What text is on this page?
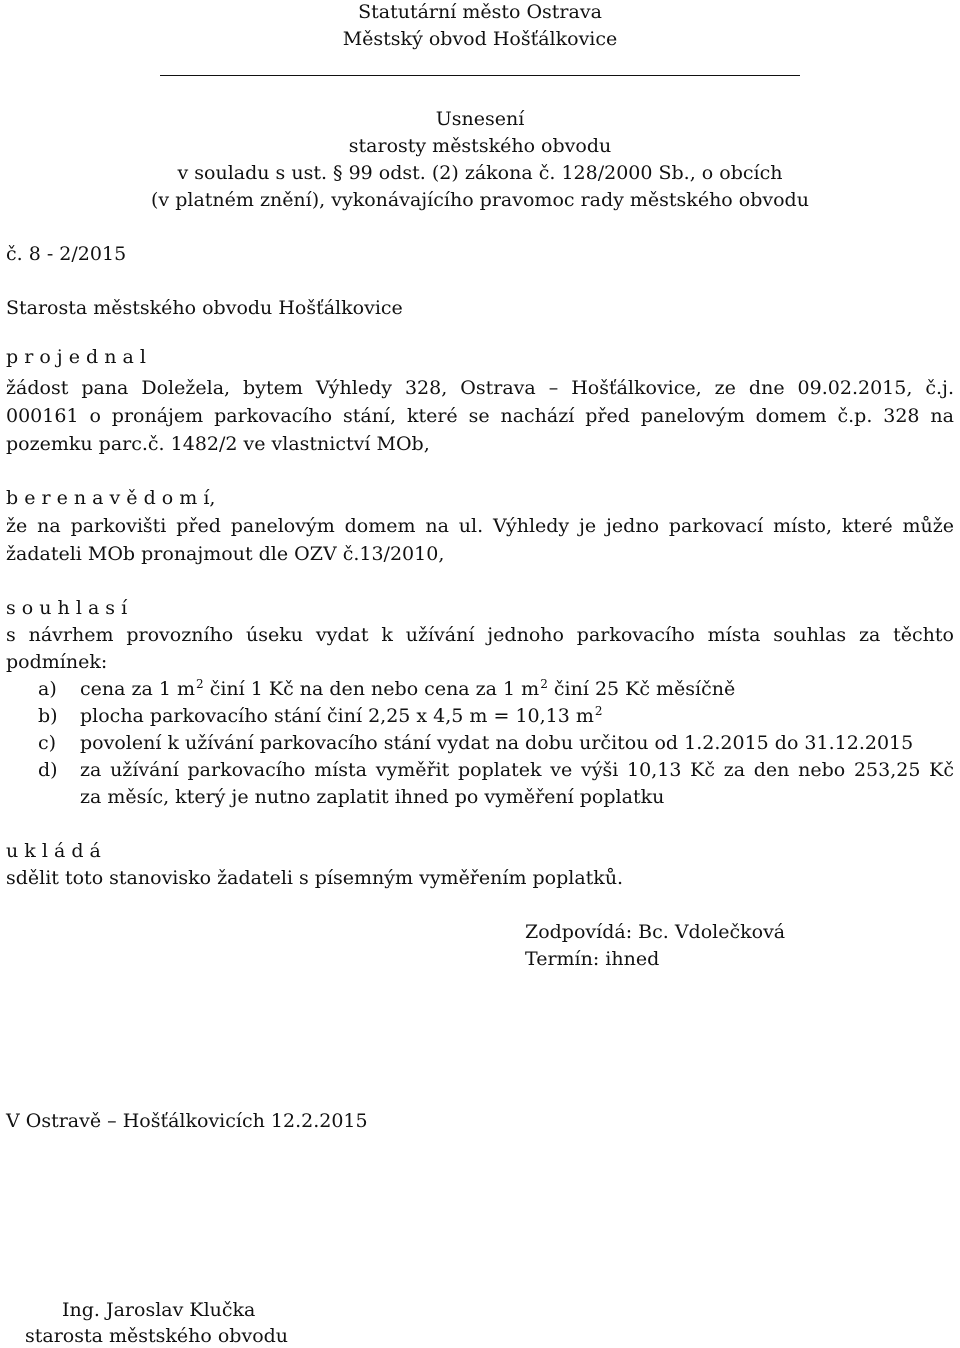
Statutární město Ostrava
Městský obvod Hošťálkovice
Usnesení
starosty městského obvodu
v souladu s ust. § 99 odst. (2) zákona č. 128/2000 Sb., o obcích
(v platném znění), vykonávajícího pravomoc rady městského obvodu
č. 8 - 2/2015
Starosta městského obvodu Hošťálkovice
p r o j e d n a l
žádost pana Doležela, bytem Výhledy 328, Ostrava – Hošťálkovice, ze dne 09.02.2015, č.j.
000161 o pronájem parkovacího stání, které se nachází před panelovým domem č.p. 328 na
pozemku parc.č. 1482/2 ve vlastnictví MOb,
b e r e n a v ě d o m í,
že na parkovišti před panelovým domem na ul. Výhledy je jedno parkovací místo, které může
žadateli MOb pronajmout dle OZV č.13/2010,
s o u h l a s í
s návrhem provozního úseku vydat k užívání jednoho parkovacího místa souhlas za těchto
podmínek:
a) cena za 1 $m^2$ činí 1 Kč na den nebo cena za 1 $m^2$ činí 25 Kč měsíčně
b) plocha parkovacího stání činí 2,25 x 4,5 m = 10,13 $m^2$
c) povolení k užívání parkovacího stání vydat na dobu určitou od 1.2.2015 do 31.12.2015
d) za užívání parkovacího místa vyměřit poplatek ve výši 10,13 Kč za den nebo 253,25 Kč
za měsíc, který je nutno zaplatit ihned po vyměření poplatku
u k l á d á
sdělit toto stanovisko žadateli s písemným vyměřením poplatků.
Zodpovídá: Bc. Vdolečková
Termín: ihned
V Ostravě – Hošťálkovicích 12.2.2015
Ing. Jaroslav Klučka
starosta městského obvodu
